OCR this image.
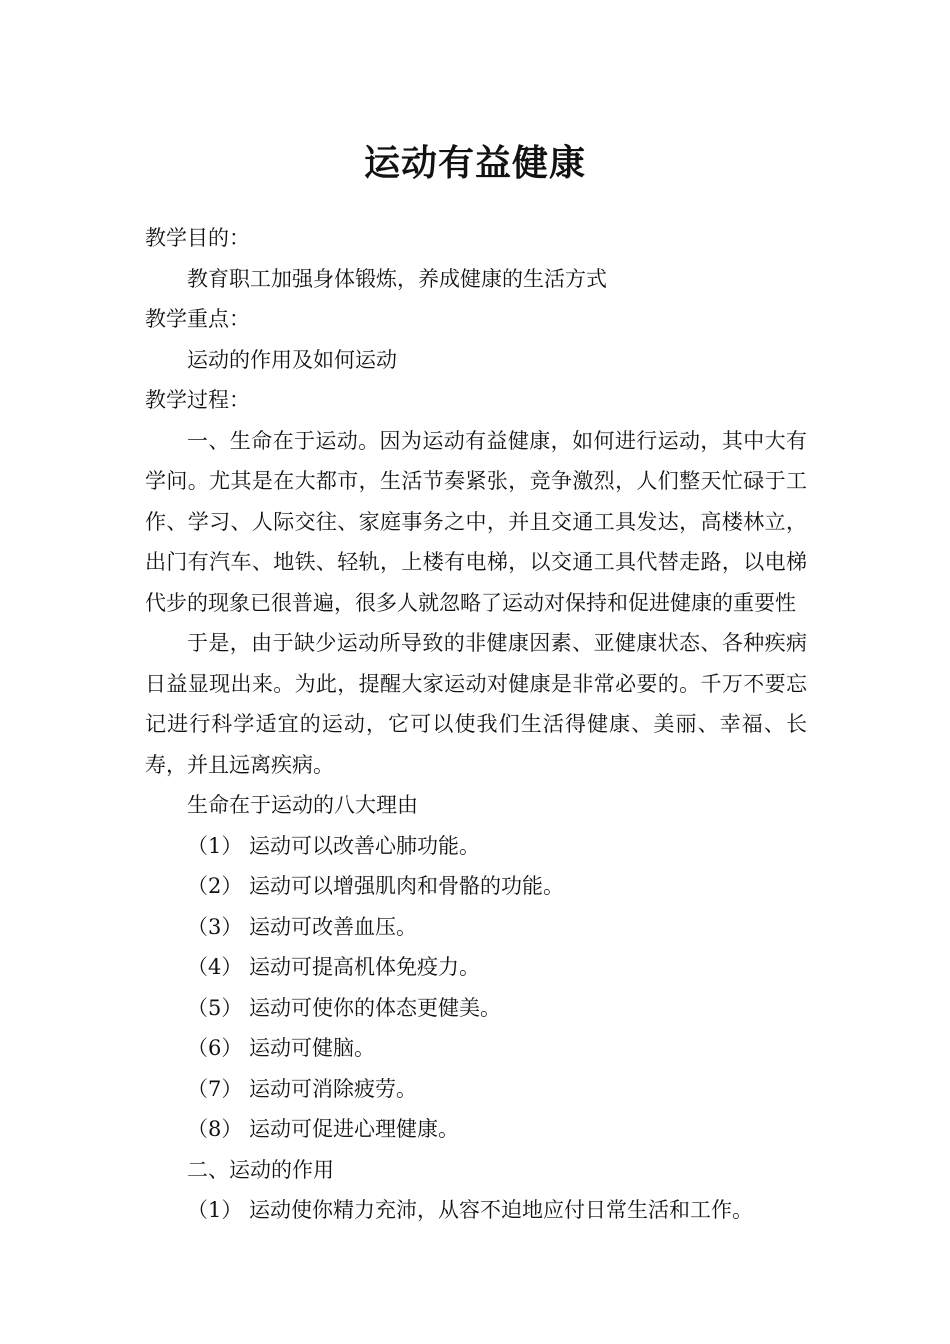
运动有益健康
教学目的：
教育职工加强身体锻炼，养成健康的生活方式
教学重点：
运动的作用及如何运动
教学过程：

一、生命在于运动。因为运动有益健康，如何进行运动，其中大有学问。尤其是在大都市，生活节奏紧张，竞争激烈，人们整天忙碌于工作、学习、人际交往、家庭事务之中，并且交通工具发达，高楼林立，出门有汽车、地铁、轻轨，上楼有电梯，以交通工具代替走路，以电梯代步的现象已很普遍，很多人就忽略了运动对保持和促进健康的重要性

于是，由于缺少运动所导致的非健康因素、亚健康状态、各种疾病日益显现出来。为此，提醒大家运动对健康是非常必要的。千万不要忘记进行科学适宜的运动，它可以使我们生活得健康、美丽、幸福、长寿，并且远离疾病。

生命在于运动的八大理由
（1） 运动可以改善心肺功能。
（2） 运动可以增强肌肉和骨骼的功能。
（3） 运动可改善血压。
（4） 运动可提高机体免疫力。
（5） 运动可使你的体态更健美。
（6） 运动可健脑。
（7） 运动可消除疲劳。
（8） 运动可促进心理健康。
二、运动的作用
（1） 运动使你精力充沛，从容不迫地应付日常生活和工作。
